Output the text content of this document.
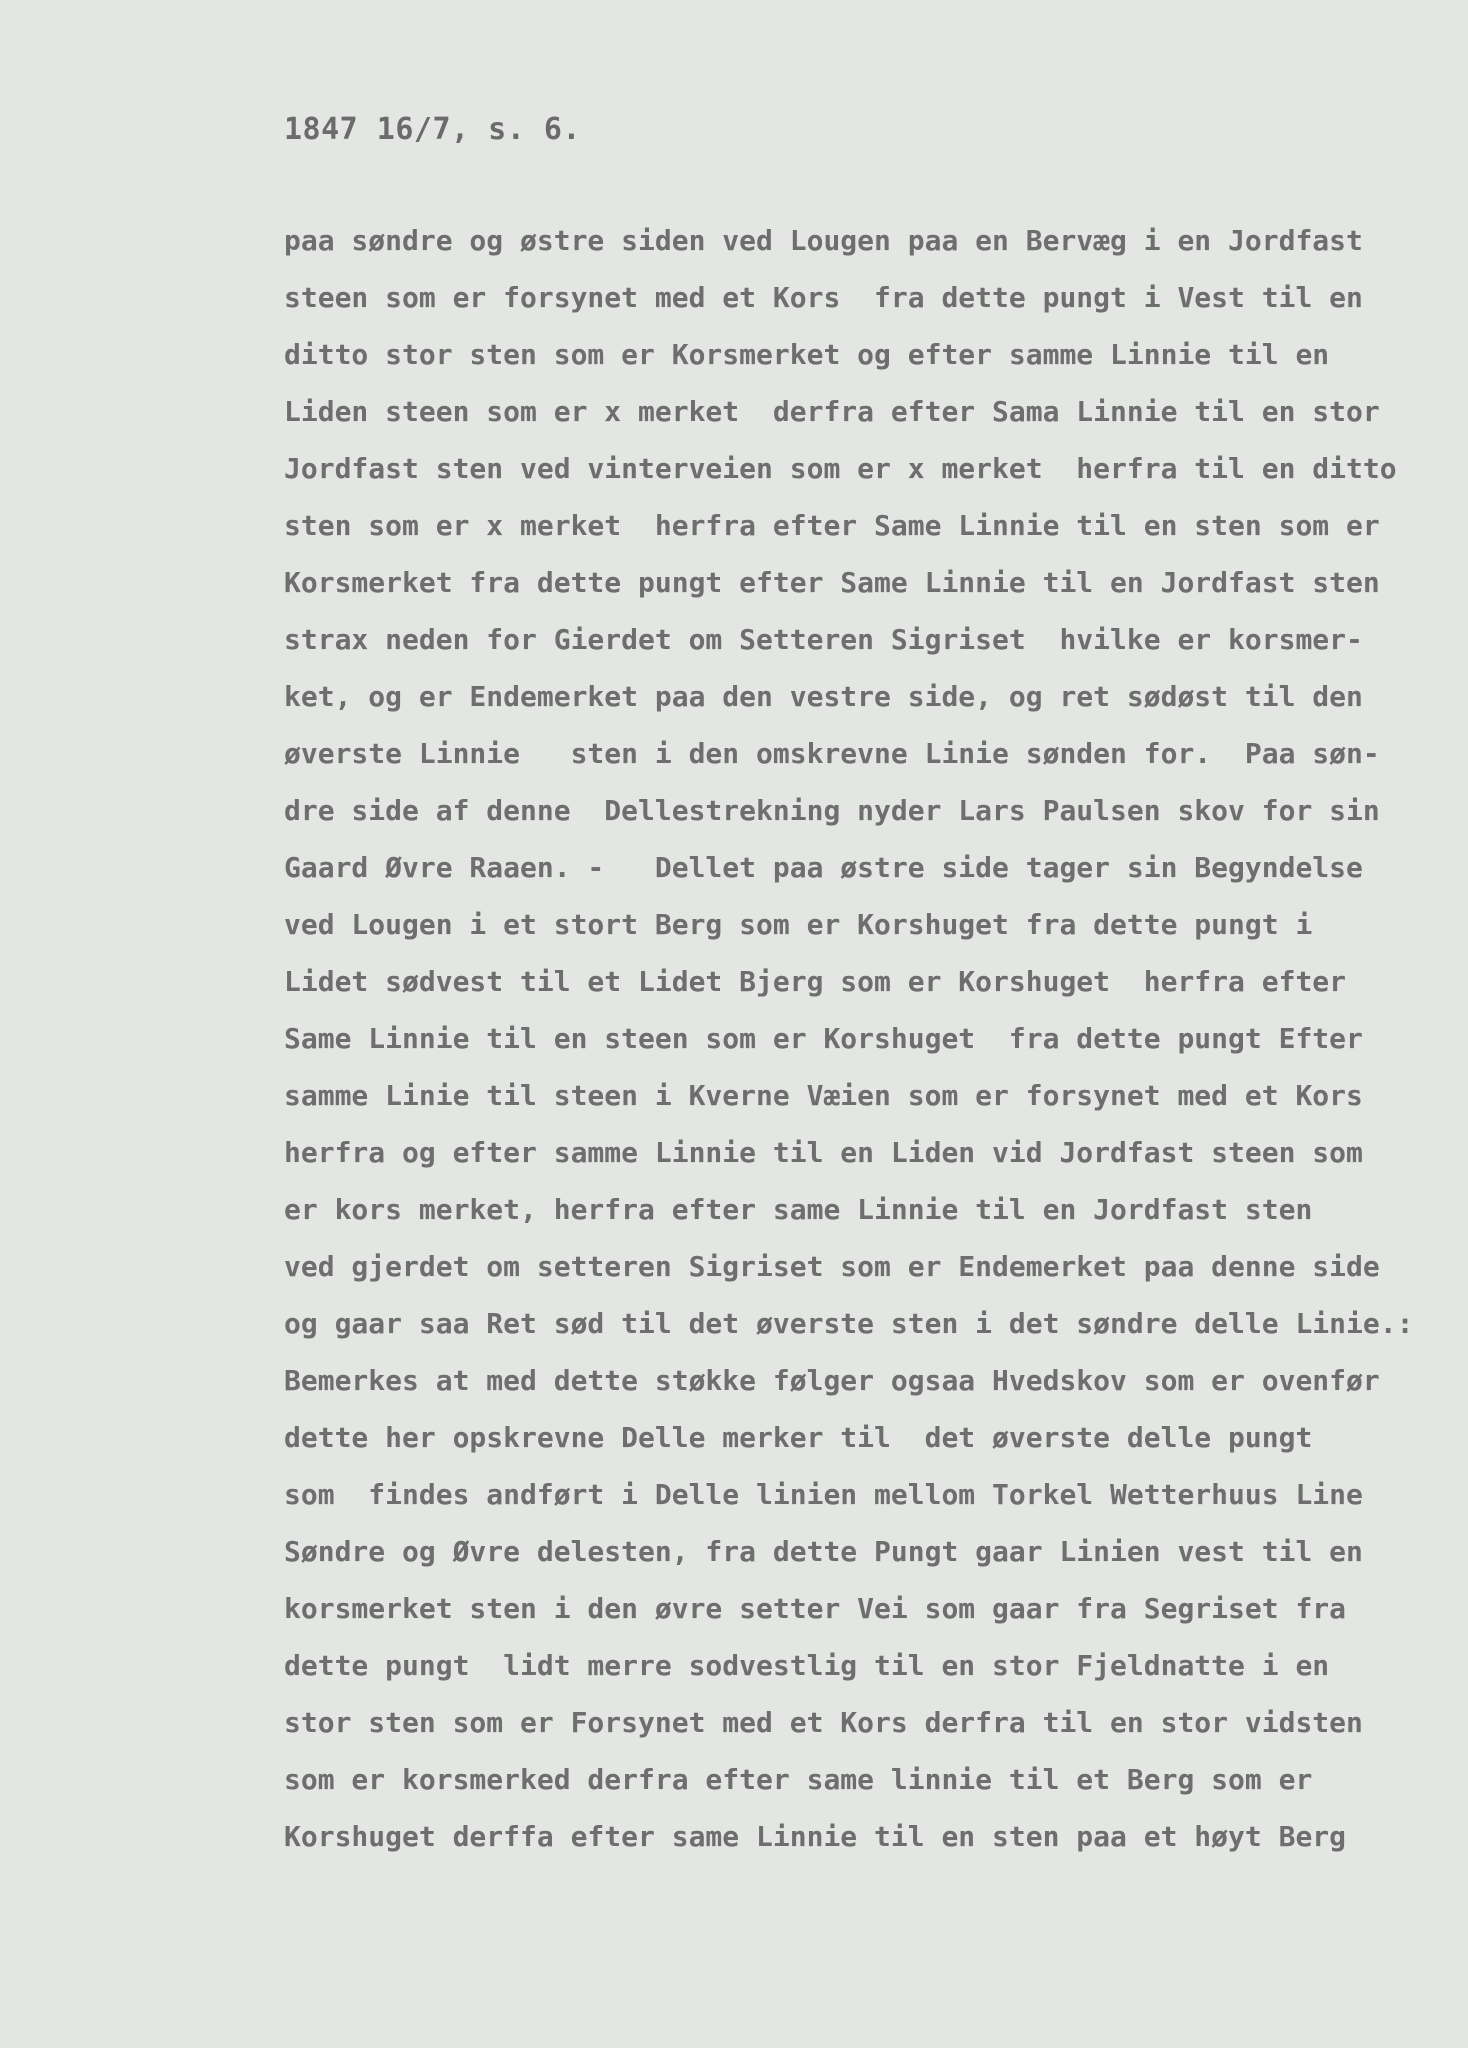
1847 16/7, s. 6.
paa søndre og østre siden ved Lougen paa en Bervæg i en Jordfast
steen som er forsynet med et Kors  fra dette pungt i Vest til en
ditto stor sten som er Korsmerket og efter samme Linnie til en
Liden steen som er x merket  derfra efter Sama Linnie til en stor
Jordfast sten ved vinterveien som er x merket  herfra til en ditto
sten som er x merket  herfra efter Same Linnie til en sten som er
Korsmerket fra dette pungt efter Same Linnie til en Jordfast sten
strax neden for Gierdet om Setteren Sigriset  hvilke er korsmer-
ket, og er Endemerket paa den vestre side, og ret sødøst til den
øverste Linnie   sten i den omskrevne Linie sønden for.  Paa søn-
dre side af denne  Dellestrekning nyder Lars Paulsen skov for sin
Gaard Øvre Raaen. -   Dellet paa østre side tager sin Begyndelse
ved Lougen i et stort Berg som er Korshuget fra dette pungt i
Lidet sødvest til et Lidet Bjerg som er Korshuget  herfra efter
Same Linnie til en steen som er Korshuget  fra dette pungt Efter
samme Linie til steen i Kverne Væien som er forsynet med et Kors
herfra og efter samme Linnie til en Liden vid Jordfast steen som
er kors merket, herfra efter same Linnie til en Jordfast sten
ved gjerdet om setteren Sigriset som er Endemerket paa denne side
og gaar saa Ret sød til det øverste sten i det søndre delle Linie.:
Bemerkes at med dette støkke følger ogsaa Hvedskov som er ovenfør
dette her opskrevne Delle merker til  det øverste delle pungt
som  findes andført i Delle linien mellom Torkel Wetterhuus Line
Søndre og Øvre delesten, fra dette Pungt gaar Linien vest til en
korsmerket sten i den øvre setter Vei som gaar fra Segriset fra
dette pungt  lidt merre sodvestlig til en stor Fjeldnatte i en
stor sten som er Forsynet med et Kors derfra til en stor vidsten
som er korsmerked derfra efter same linnie til et Berg som er
Korshuget derffa efter same Linnie til en sten paa et høyt Berg
